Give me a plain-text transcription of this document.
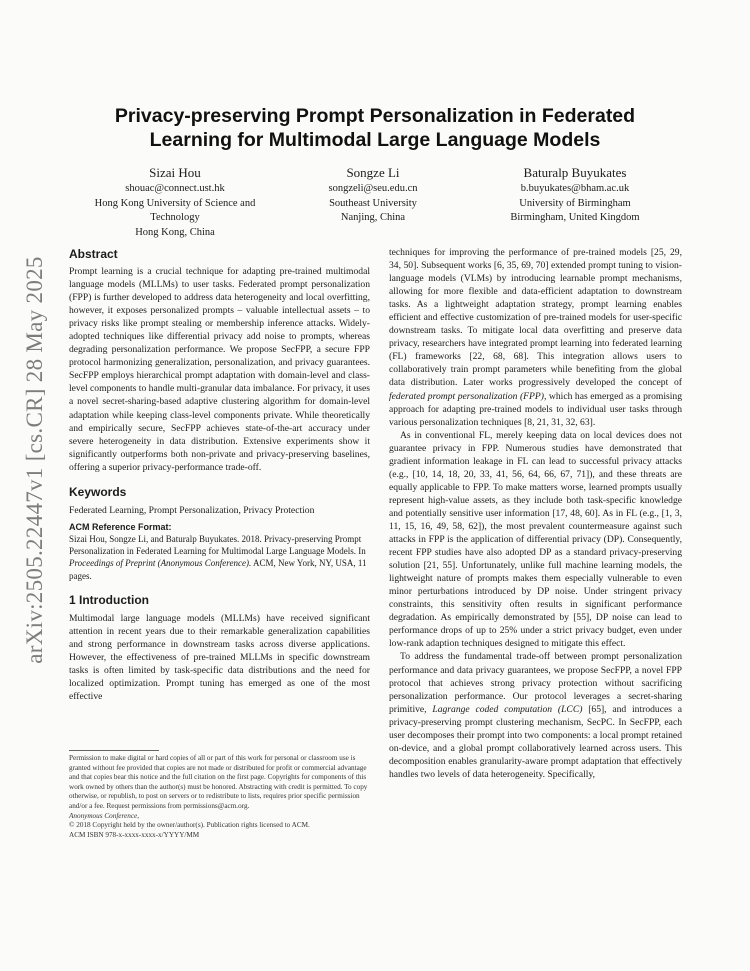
arXiv:2505.22447v1 [cs.CR] 28 May 2025
Privacy-preserving Prompt Personalization in Federated
Learning for Multimodal Large Language Models
Sizai Hou
shouac@connect.ust.hk
Hong Kong University of Science and
Technology
Hong Kong, China
Songze Li
songzeli@seu.edu.cn
Southeast University
Nanjing, China
Baturalp Buyukates
b.buyukates@bham.ac.uk
University of Birmingham
Birmingham, United Kingdom
Abstract

Prompt learning is a crucial technique for adapting pre-trained multimodal language models (MLLMs) to user tasks. Federated prompt personalization (FPP) is further developed to address data heterogeneity and local overfitting, however, it exposes personalized prompts – valuable intellectual assets – to privacy risks like prompt stealing or membership inference attacks. Widely-adopted techniques like differential privacy add noise to prompts, whereas degrading personalization performance. We propose SecFPP, a secure FPP protocol harmonizing generalization, personalization, and privacy guarantees. SecFPP employs hierarchical prompt adaptation with domain-level and class-level components to handle multi-granular data imbalance. For privacy, it uses a novel secret-sharing-based adaptive clustering algorithm for domain-level adaptation while keeping class-level components private. While theoretically and empirically secure, SecFPP achieves state-of-the-art accuracy under severe heterogeneity in data distribution. Extensive experiments show it significantly outperforms both non-private and privacy-preserving baselines, offering a superior privacy-performance trade-off.

Keywords

Federated Learning, Prompt Personalization, Privacy Protection

ACM Reference Format:

Sizai Hou, Songze Li, and Baturalp Buyukates. 2018. Privacy-preserving Prompt Personalization in Federated Learning for Multimodal Large Language Models. In Proceedings of Preprint (Anonymous Conference). ACM, New York, NY, USA, 11 pages.

1 Introduction

Multimodal large language models (MLLMs) have received significant attention in recent years due to their remarkable generalization capabilities and strong performance in downstream tasks across diverse applications. However, the effectiveness of pre-trained MLLMs in specific downstream tasks is often limited by task-specific data distributions and the need for localized optimization. Prompt tuning has emerged as one of the most effective

Permission to make digital or hard copies of all or part of this work for personal or classroom use is granted without fee provided that copies are not made or distributed for profit or commercial advantage and that copies bear this notice and the full citation on the first page. Copyrights for components of this work owned by others than the author(s) must be honored. Abstracting with credit is permitted. To copy otherwise, or republish, to post on servers or to redistribute to lists, requires prior specific permission and/or a fee. Request permissions from permissions@acm.org.
Anonymous Conference,
© 2018 Copyright held by the owner/author(s). Publication rights licensed to ACM.
ACM ISBN 978-x-xxxx-xxxx-x/YYYY/MM

techniques for improving the performance of pre-trained models [25, 29, 34, 50]. Subsequent works [6, 35, 69, 70] extended prompt tuning to vision-language models (VLMs) by introducing learnable prompt mechanisms, allowing for more flexible and data-efficient adaptation to downstream tasks. As a lightweight adaptation strategy, prompt learning enables efficient and effective customization of pre-trained models for user-specific downstream tasks. To mitigate local data overfitting and preserve data privacy, researchers have integrated prompt learning into federated learning (FL) frameworks [22, 68, 68]. This integration allows users to collaboratively train prompt parameters while benefiting from the global data distribution. Later works progressively developed the concept of federated prompt personalization (FPP), which has emerged as a promising approach for adapting pre-trained models to individual user tasks through various personalization techniques [8, 21, 31, 32, 63].

As in conventional FL, merely keeping data on local devices does not guarantee privacy in FPP. Numerous studies have demonstrated that gradient information leakage in FL can lead to successful privacy attacks (e.g., [10, 14, 18, 20, 33, 41, 56, 64, 66, 67, 71]), and these threats are equally applicable to FPP. To make matters worse, learned prompts usually represent high-value assets, as they include both task-specific knowledge and potentially sensitive user information [17, 48, 60]. As in FL (e.g., [1, 3, 11, 15, 16, 49, 58, 62]), the most prevalent countermeasure against such attacks in FPP is the application of differential privacy (DP). Consequently, recent FPP studies have also adopted DP as a standard privacy-preserving solution [21, 55]. Unfortunately, unlike full machine learning models, the lightweight nature of prompts makes them especially vulnerable to even minor perturbations introduced by DP noise. Under stringent privacy constraints, this sensitivity often results in significant performance degradation. As empirically demonstrated by [55], DP noise can lead to performance drops of up to 25% under a strict privacy budget, even under low-rank adaption techniques designed to mitigate this effect.

To address the fundamental trade-off between prompt personalization performance and data privacy guarantees, we propose SecFPP, a novel FPP protocol that achieves strong privacy protection without sacrificing personalization performance. Our protocol leverages a secret-sharing primitive, Lagrange coded computation (LCC) [65], and introduces a privacy-preserving prompt clustering mechanism, SecPC. In SecFPP, each user decomposes their prompt into two components: a local prompt retained on-device, and a global prompt collaboratively learned across users. This decomposition enables granularity-aware prompt adaptation that effectively handles two levels of data heterogeneity. Specifically,
